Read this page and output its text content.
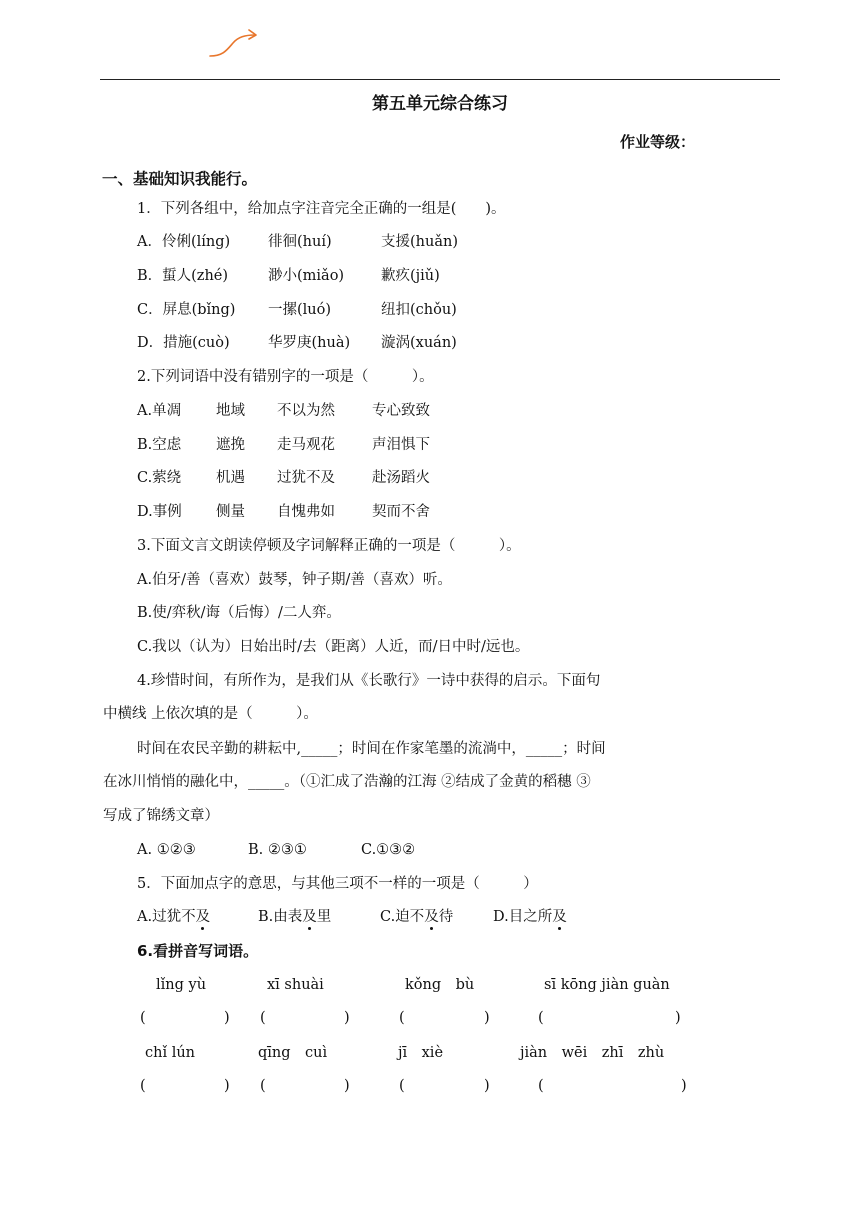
第五单元综合练习
作业等级：
一、基础知识我能行。
1．下列各组中，给加点字注音完全正确的一组是(　　)。
A．伶俐(líng)	徘徊(huí)	支援(huǎn)
B．蜇人(zhé)	渺小(miǎo)	歉疚(jiǔ)
C．屏息(bǐng) 一摞(luó)	纽扣(chǒu)
D．措施(cuò)	华罗庚(huà) 漩涡(xuán)
2.下列词语中没有错别字的一项是（　　　）。
A.单凋 地域 不以为然	专心致致
B.空虑 遮挽 走马观花	声泪惧下
C.萦绕 机遇 过犹不及	赴汤蹈火
D.事例 侧量 自愧弗如	契而不舍
3.下面文言文朗读停顿及字词解释正确的一项是（　　　）。
A.伯牙/善（喜欢）鼓琴，钟子期/善（喜欢）听。
B.使/弈秋/诲（后悔）/二人弈。
C.我以（认为）日始出时/去（距离）人近，而/日中时/远也。
4.珍惜时间，有所作为，是我们从《长歌行》一诗中获得的启示。下面句
中横线 上依次填的是（　　　）。
时间在农民辛勤的耕耘中,_____；时间在作家笔墨的流淌中，_____；时间
在冰川悄悄的融化中，_____。（①汇成了浩瀚的江海 ②结成了金黄的稻穗 ③
写成了锦绣文章）
A. ①②③	B. ②③①	C.①③②
5．下面加点字的意思，与其他三项不一样的一项是（　　　）
A.过犹不及	B.由表及里	C.迫不及待	D.目之所及
6.看拼音写词语。
lǐng yù	xī shuài	kǒng　bù	sī kōng jiàn guàn
(	) (	)	(	)	(	)
chǐ lún	qīng　cuì	jī　xiè	jiàn　wēi　zhī　zhù
(	) (	)	(	)	(	)
